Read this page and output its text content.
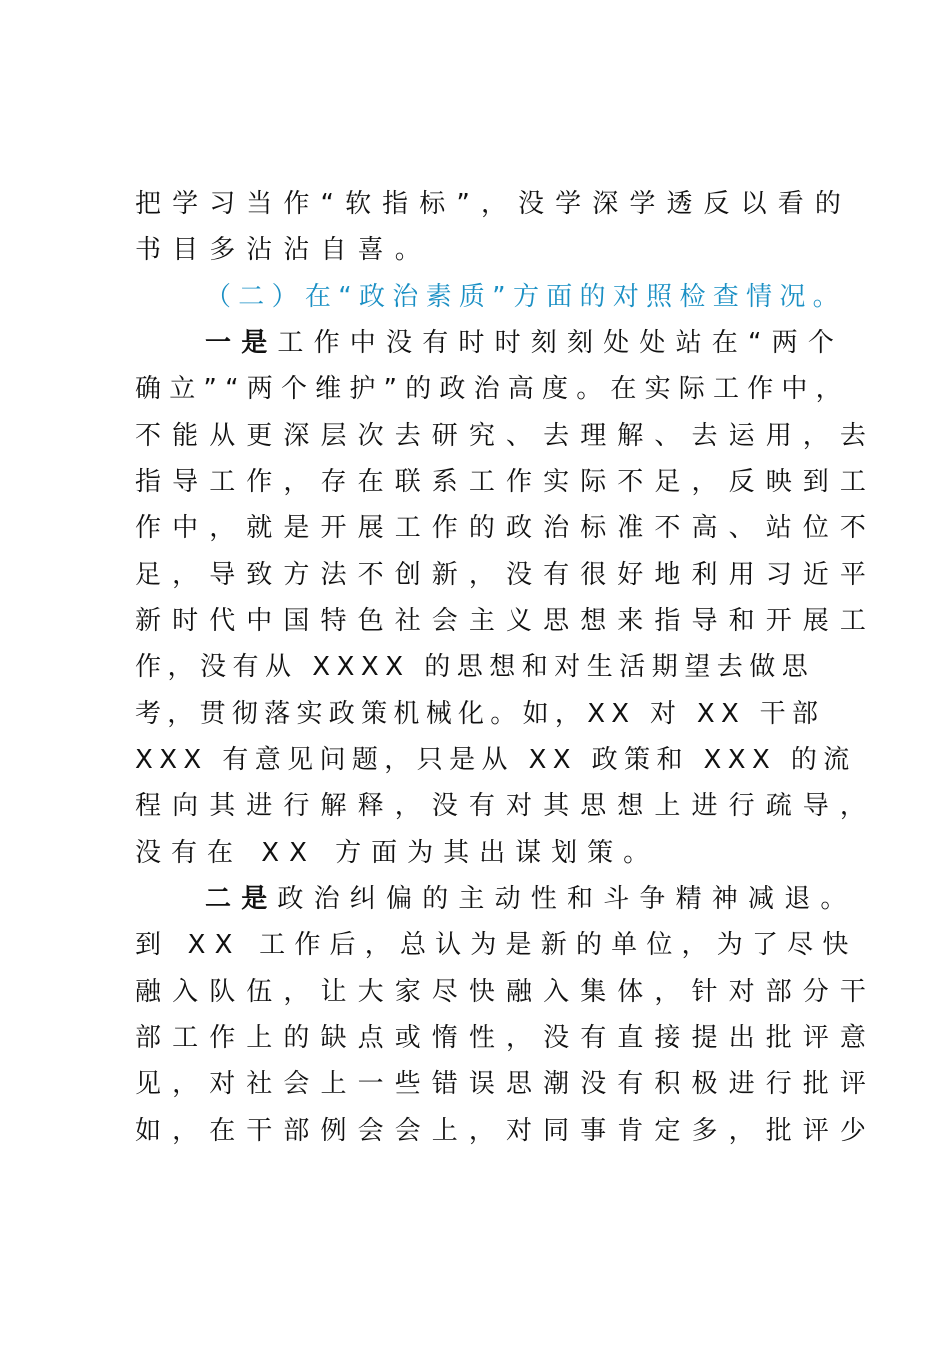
把学习当作“软指标”，没学深学透反以看的
书目多沾沾自喜。
（二）在“政治素质”方面的对照检查情况。
一是工作中没有时时刻刻处处站在“两个
确立”“两个维护”的政治高度。在实际工作中，
不能从更深层次去研究、去理解、去运用，去
指导工作，存在联系工作实际不足，反映到工
作中，就是开展工作的政治标准不高、站位不
足，导致方法不创新，没有很好地利用习近平
新时代中国特色社会主义思想来指导和开展工
作，没有从 XXXX 的思想和对生活期望去做思
考，贯彻落实政策机械化。如，XX 对 XX 干部
XXX 有意见问题，只是从 XX 政策和 XXX 的流
程向其进行解释，没有对其思想上进行疏导，
没有在 XX 方面为其出谋划策。
二是政治纠偏的主动性和斗争精神减退。
到 XX 工作后，总认为是新的单位，为了尽快
融入队伍，让大家尽快融入集体，针对部分干
部工作上的缺点或惰性，没有直接提出批评意
见，对社会上一些错误思潮没有积极进行批评
如，在干部例会会上，对同事肯定多，批评少
